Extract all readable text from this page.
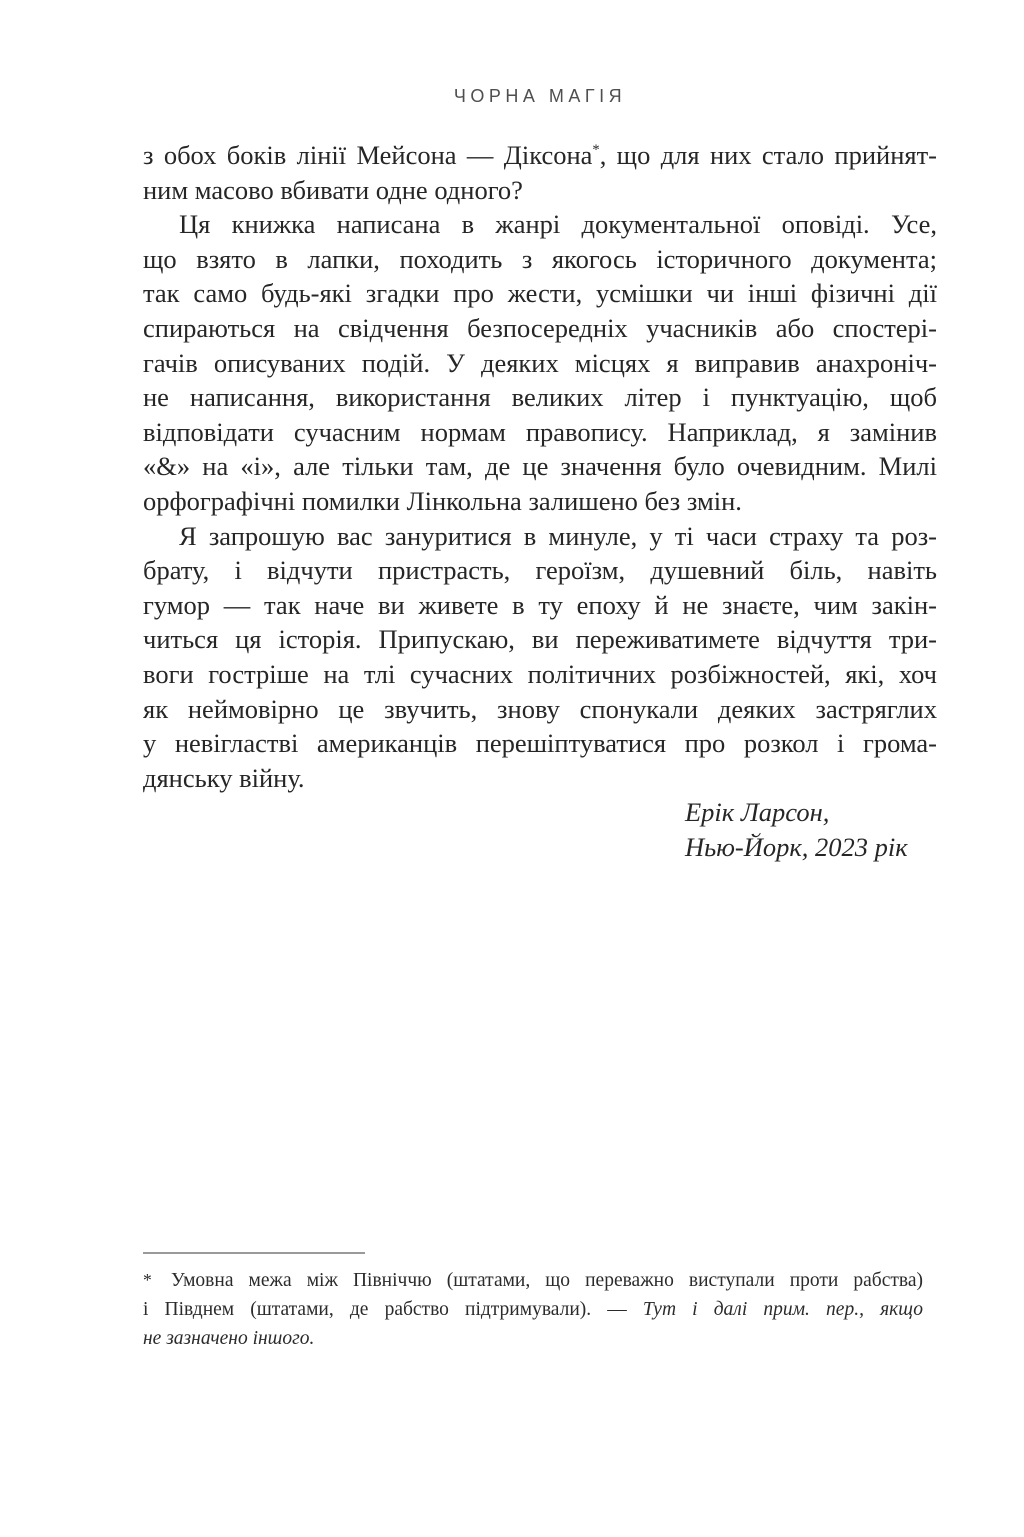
ЧОРНА МАГІЯ
з обох боків лінії Мейсона — Діксона*, що для них стало прийнят-
ним масово вбивати одне одного?
Ця книжка написана в жанрі документальної оповіді. Усе,
що взято в лапки, походить з якогось історичного документа;
так само будь-які згадки про жести, усмішки чи інші фізичні дії
спираються на свідчення безпосередніх учасників або спостері-
гачів описуваних подій. У деяких місцях я виправив анахроніч-
не написання, використання великих літер і пунктуацію, щоб
відповідати сучасним нормам правопису. Наприклад, я замінив
«&» на «і», але тільки там, де це значення було очевидним. Милі
орфографічні помилки Лінкольна залишено без змін.
Я запрошую вас зануритися в минуле, у ті часи страху та роз-
брату, і відчути пристрасть, героїзм, душевний біль, навіть
гумор — так наче ви живете в ту епоху й не знаєте, чим закін-
читься ця історія. Припускаю, ви переживатимете відчуття три-
воги гостріше на тлі сучасних політичних розбіжностей, які, хоч
як неймовірно це звучить, знову спонукали деяких застряглих
у невігластві американців перешіптуватися про розкол і грома-
дянську війну.
Ерік Ларсон,
Нью-Йорк, 2023 рік
* Умовна межа між Північчю (штатами, що переважно виступали проти рабства)
і Півднем (штатами, де рабство підтримували). — Тут і далі прим. пер., якщо
не зазначено іншого.
